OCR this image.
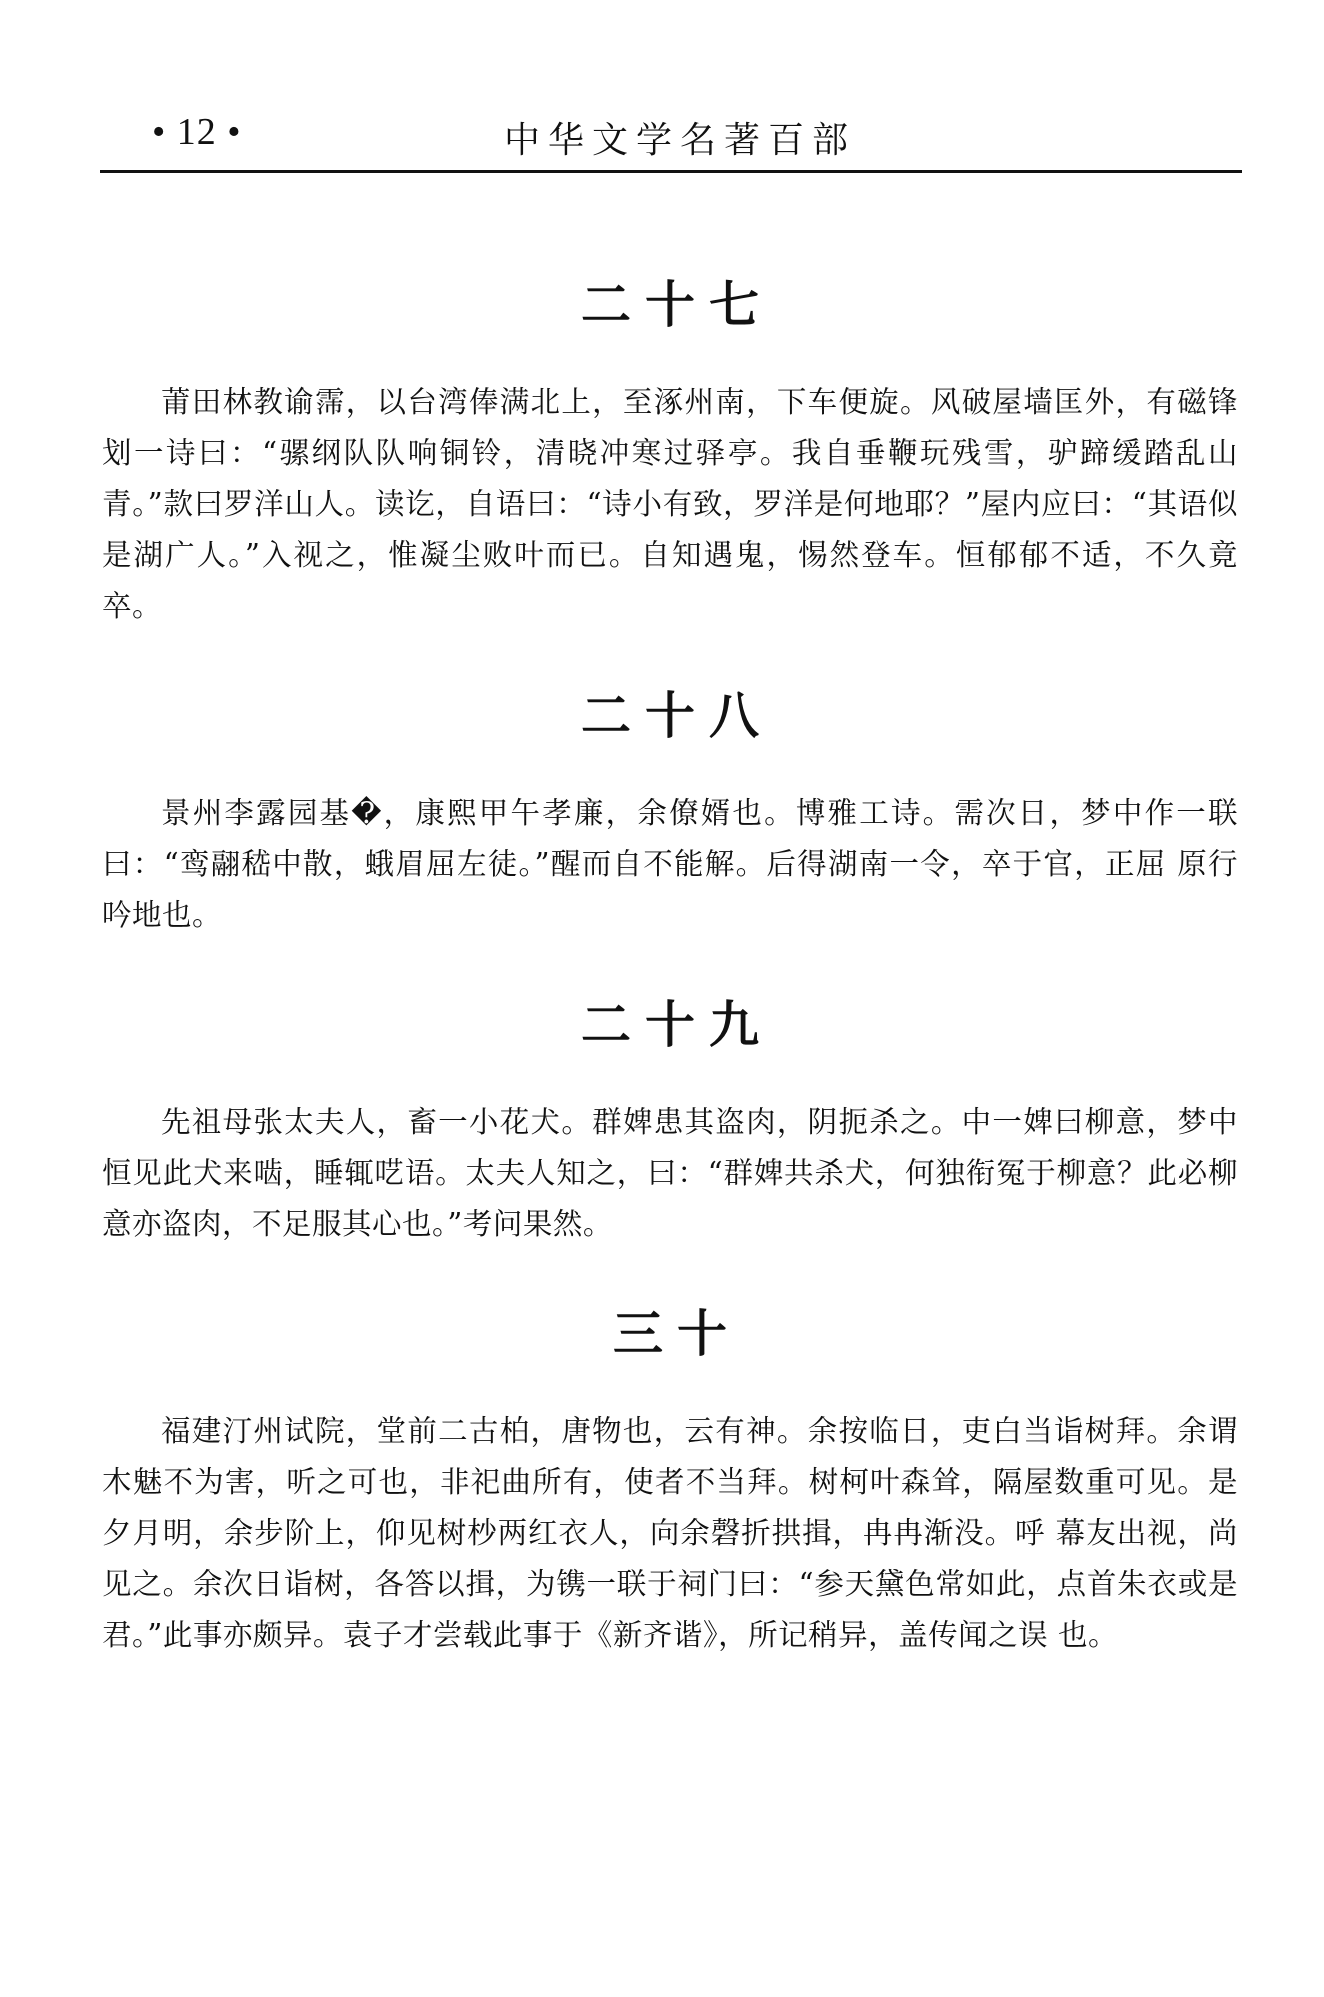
• 12 •	中华文学名著百部
二十七

莆田林教谕霈，以台湾俸满北上，至涿州南，下车便旋。风破屋墙匡外，有磁锋划一诗曰：“骡纲队队响铜铃，清晓冲寒过驿亭。我自垂鞭玩残雪，驴蹄缓踏乱山青。”款曰罗洋山人。读讫，自语曰：“诗小有致，罗洋是何地耶？”屋内应曰：“其语似是湖广人。”入视之，惟凝尘败叶而已。自知遇鬼，惕然登车。恒郁郁不适，不久竟卒。

二十八

景州李露园基�，康熙甲午孝廉，余僚婿也。博雅工诗。需次日，梦中作一联曰：“鸾翮嵇中散，蛾眉屈左徒。”醒而自不能解。后得湖南一令，卒于官，正屈 原行吟地也。

二十九

先祖母张太夫人，畜一小花犬。群婢患其盗肉，阴扼杀之。中一婢曰柳意，梦中恒见此犬来啮，睡辄呓语。太夫人知之，曰：“群婢共杀犬，何独衔冤于柳意？此必柳意亦盗肉，不足服其心也。”考问果然。

三十

福建汀州试院，堂前二古柏，唐物也，云有神。余按临日，吏白当诣树拜。余谓木魅不为害，听之可也，非祀曲所有，使者不当拜。树柯叶森耸，隔屋数重可见。是夕月明，余步阶上，仰见树杪两红衣人，向余磬折拱揖，冉冉渐没。呼 幕友出视，尚见之。余次日诣树，各答以揖，为镌一联于祠门曰：“参天黛色常如此，点首朱衣或是君。”此事亦颇异。袁子才尝载此事于《新齐谐》，所记稍异，盖传闻之误 也。
